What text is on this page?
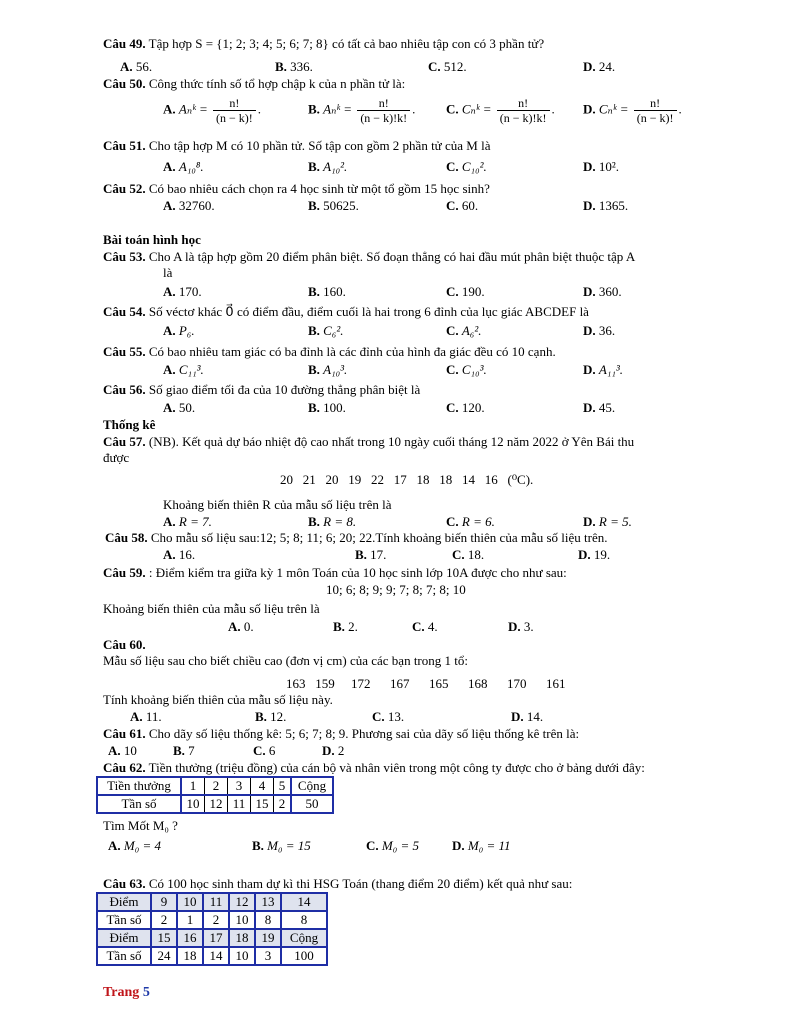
Câu 49. Tập hợp S = {1; 2; 3; 4; 5; 6; 7; 8} có tất cả bao nhiêu tập con có 3 phần tử?
A. 56.	B. 336.	C. 512.	D. 24.
Câu 50. Công thức tính số tổ hợp chập k của n phần tử là:
A. Aₙᵏ = $\frac{n!}{(n - k)!}$ .	B. Aₙᵏ = $\frac{n!}{(n - k)!k!}$ . C. Cₙᵏ = $\frac{n!}{(n - k)!k!}$ . D. Cₙᵏ = $\frac{n!}{(n - k)!}$ .
Câu 51. Cho tập hợp M có 10 phần tử. Số tập con gồm 2 phần tử của M là
A. A₁₀⁸.	B. A₁₀².	C. C₁₀².	D. 10².
Câu 52. Có bao nhiêu cách chọn ra 4 học sinh từ một tổ gồm 15 học sinh?
A. 32760.	B. 50625.	C. 60.	D. 1365.
Bài toán hình học
Câu 53. Cho A là tập hợp gồm 20 điểm phân biệt. Số đoạn thẳng có hai đầu mút phân biệt thuộc tập A
là
A. 170.	B. 160.	C. 190.	D. 360.
Câu 54. Số véctơ khác 0⃗ có điểm đầu, điểm cuối là hai trong 6 đỉnh của lục giác ABCDEF là
A. P₆.	B. C₆².	C. A₆².	D. 36.
Câu 55. Có bao nhiêu tam giác có ba đỉnh là các đỉnh của hình đa giác đều có 10 cạnh.
A. C₁₁³.	B. A₁₀³.	C. C₁₀³.	D. A₁₁³.
Câu 56. Số giao điểm tối đa của 10 đường thẳng phân biệt là
A. 50.	B. 100.	C. 120.	D. 45.
Thống kê
Câu 57. (NB). Kết quả dự báo nhiệt độ cao nhất trong 10 ngày cuối tháng 12 năm 2022 ở Yên Bái thu
được
20   21   20   19   22   17   18   18   14   16   (⁰C).
Khoảng biến thiên R của mẫu số liệu trên là
A. R = 7.	B. R = 8.	C. R = 6.	D. R = 5.
Câu 58. Cho mẫu số liệu sau:12; 5; 8; 11; 6; 20; 22.Tính khoảng biến thiên của mẫu số liệu trên.
A. 16.	B. 17.	C. 18.	D. 19.
Câu 59. : Điểm kiểm tra giữa kỳ 1 môn Toán của 10 học sinh lớp 10A được cho như sau:
10; 6; 8; 9; 9; 7; 8; 7; 8; 10
Khoảng biến thiên của mẫu số liệu trên là
A. 0.	B. 2.	C. 4.	D. 3.
Câu 60.
Mẫu số liệu sau cho biết chiều cao (đơn vị cm) của các bạn trong 1 tổ:
163   159     172      167      165      168      170      161
Tính khoảng biến thiên của mẫu số liệu này.
A. 11.	B. 12.	C. 13.	D. 14.
Câu 61. Cho dãy số liệu thống kê: 5; 6; 7; 8; 9. Phương sai của dãy số liệu thống kê trên là:
A. 10	B. 7	C. 6	D. 2
Câu 62. Tiền thưởng (triệu đồng) của cán bộ và nhân viên trong một công ty được cho ở bảng dưới đây:
Tiền thưởng	1	2	3	4	5	Cộng
Tần số	10	12	11	15	2	50
Tìm Mốt M₀ ?
A. M₀ = 4	B. M₀ = 15	C. M₀ = 5	D. M₀ = 11
Câu 63. Có 100 học sinh tham dự kì thi HSG Toán (thang điểm 20 điểm) kết quả như sau:
Điểm	9	10	11	12	13	14
Tần số	2	1	2	10	8	8
Điểm	15	16	17	18	19	Cộng
Tần số	24	18	14	10	3	100
Trang 5
